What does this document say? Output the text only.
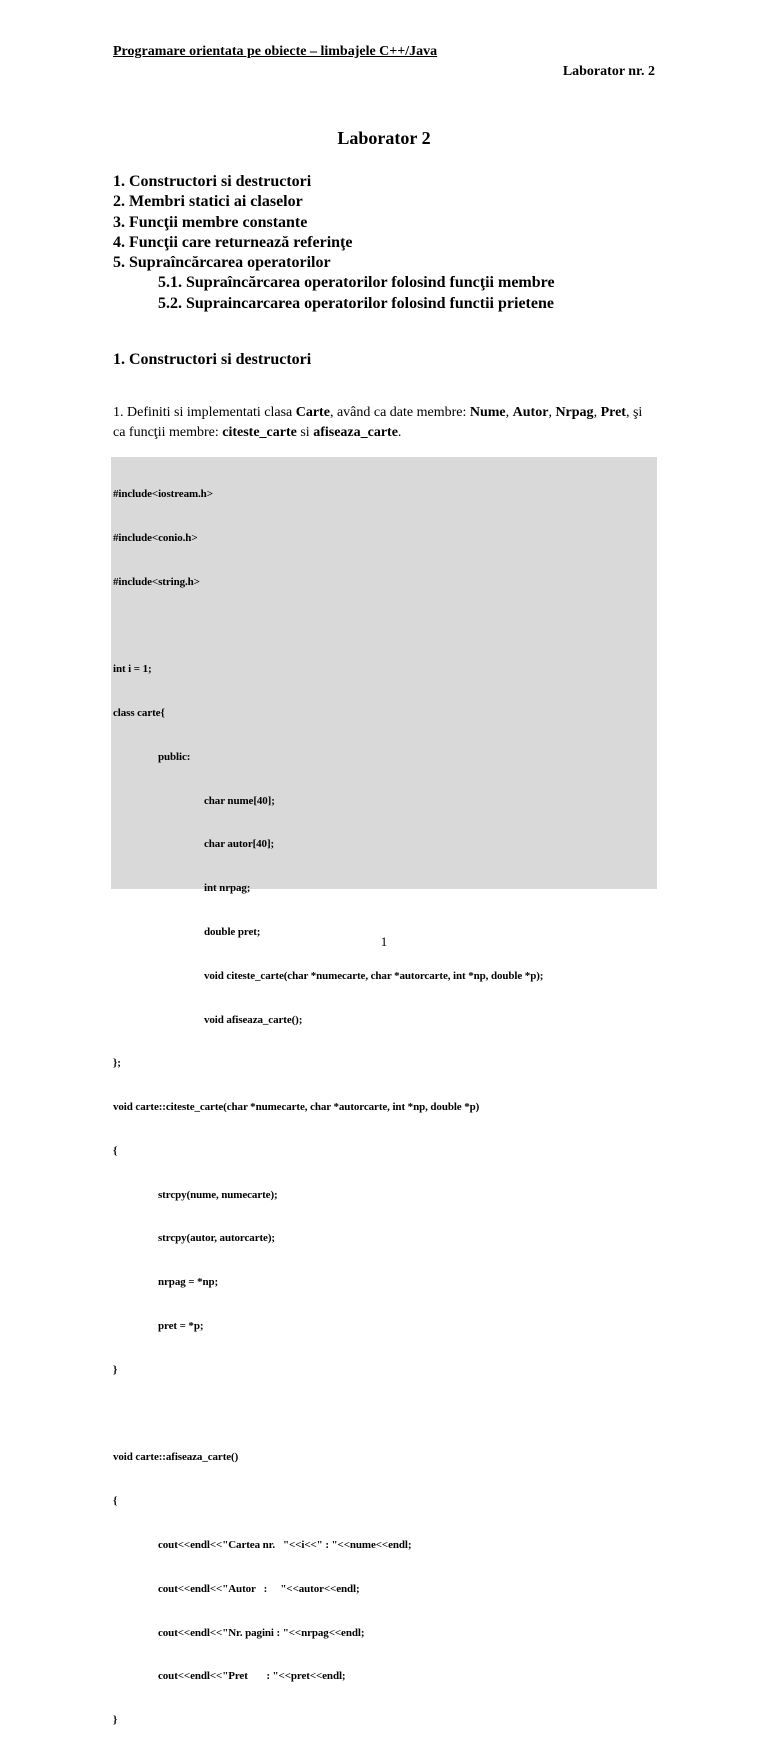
Programare orientata pe obiecte – limbajele C++/Java
Laborator nr. 2
Laborator 2
1. Constructori si destructori
2. Membri statici ai claselor
3. Funcţii membre constante
4. Funcţii care returnează referinţe
5. Supraîncărcarea operatorilor
5.1. Supraîncărcarea operatorilor folosind funcţii membre
5.2. Supraincarcarea operatorilor folosind functii prietene
1. Constructori si destructori
1. Definiti si implementati clasa Carte, având ca date membre: Nume, Autor, Nrpag, Pret, şi ca funcţii membre: citeste_carte si afiseaza_carte.

#include<iostream.h>

#include<conio.h>

#include<string.h>

int i = 1;

class carte{

public:

char nume[40];

char autor[40];

int nrpag;

double pret;

void citeste_carte(char *numecarte, char *autorcarte, int *np, double *p);

void afiseaza_carte();

};

void carte::citeste_carte(char *numecarte, char *autorcarte, int *np, double *p)

{

strcpy(nume, numecarte);

strcpy(autor, autorcarte);

nrpag = *np;

pret = *p;

}

void carte::afiseaza_carte()

{

cout<<endl<<"Cartea nr.   "<<i<<" : "<<nume<<endl;

cout<<endl<<"Autor   :     "<<autor<<endl;

cout<<endl<<"Nr. pagini : "<<nrpag<<endl;

cout<<endl<<"Pret       : "<<pret<<endl;

}

1
